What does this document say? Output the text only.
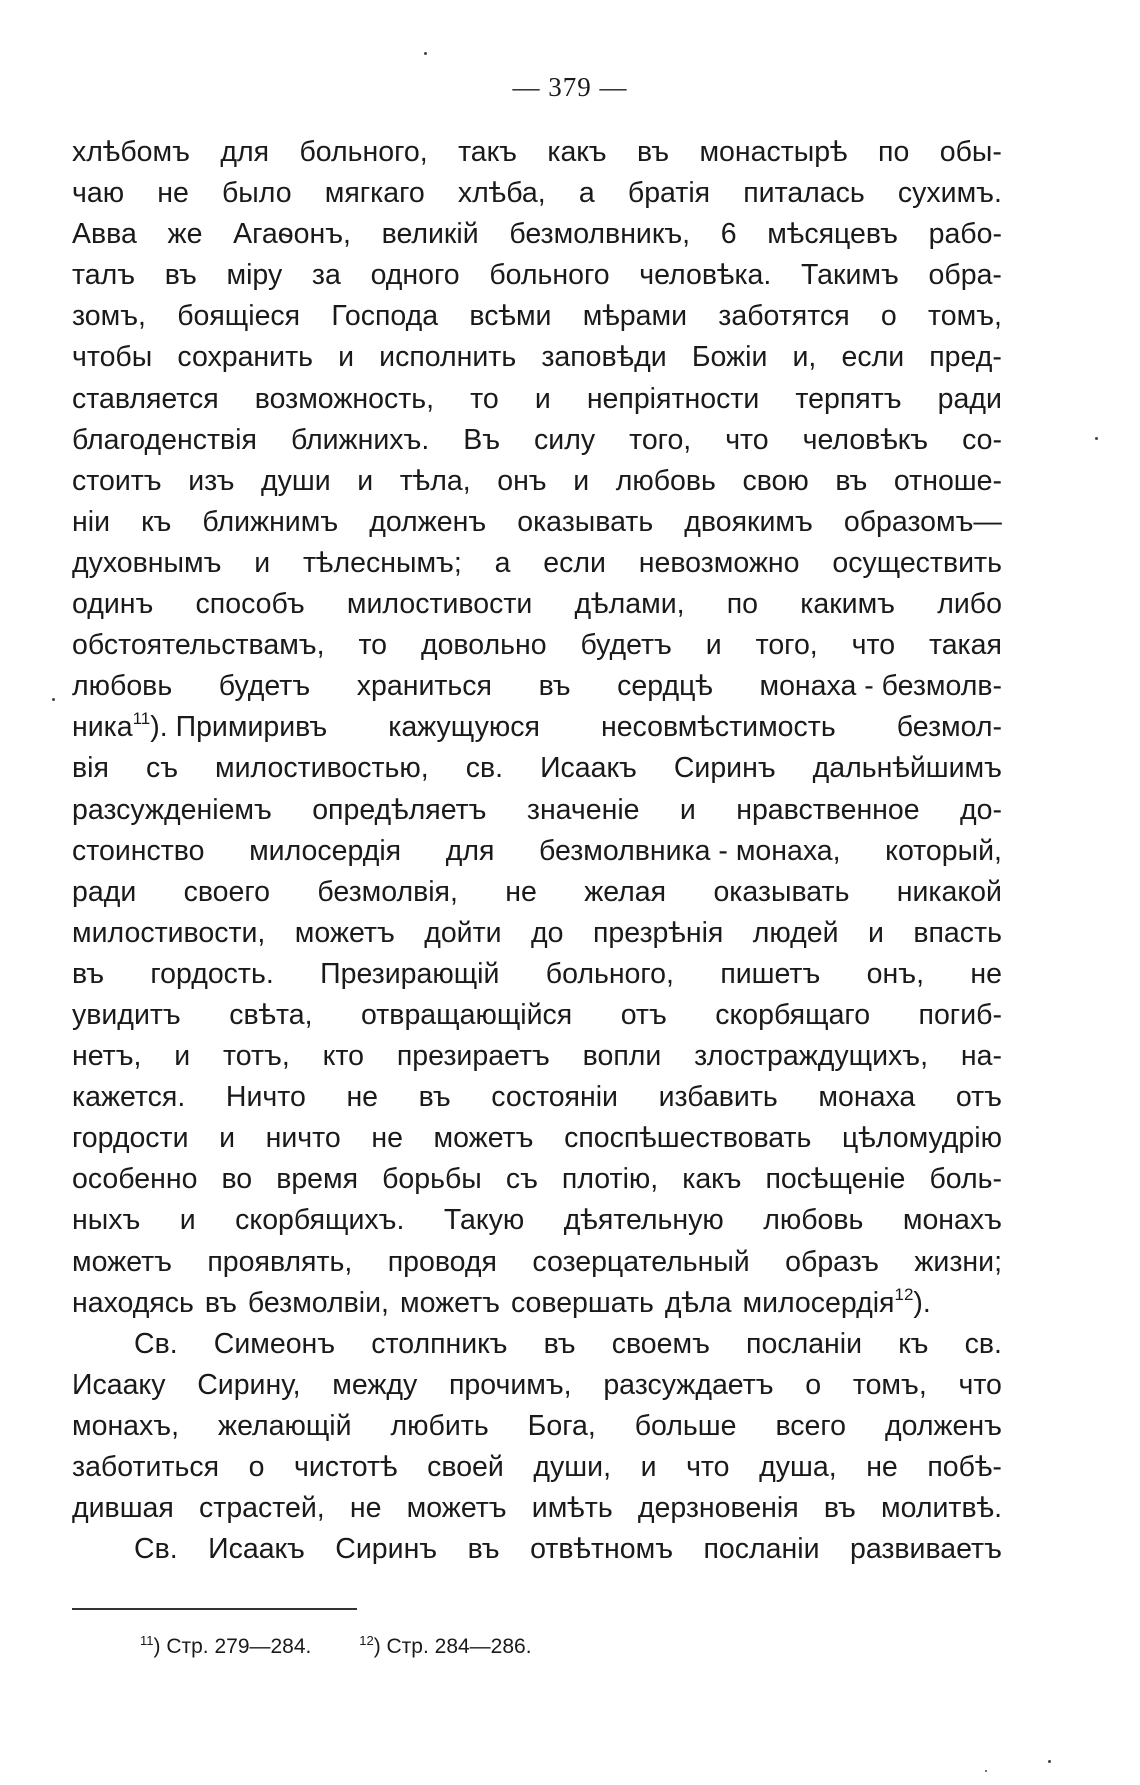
— 379 —
хлѣбомъ для больного, такъ какъ въ монастырѣ по обы-
чаю не было мягкаго хлѣба, а братія питалась сухимъ.
Авва же Агаѳонъ, великій безмолвникъ, 6 мѣсяцевъ рабо-
талъ въ міру за одного больного человѣка. Такимъ обра-
зомъ, боящіеся Господа всѣми мѣрами заботятся о томъ,
чтобы сохранить и исполнить заповѣди Божіи и, если пред-
ставляется возможность, то и непріятности терпятъ ради
благоденствія ближнихъ. Въ силу того, что человѣкъ со-
стоитъ изъ души и тѣла, онъ и любовь свою въ отноше-
ніи къ ближнимъ долженъ оказывать двоякимъ образомъ—
духовнымъ и тѣлеснымъ; а если невозможно осуществить
одинъ способъ милостивости дѣлами, по какимъ либо
обстоятельствамъ, то довольно будетъ и того, что такая
любовь будетъ храниться въ сердцѣ монаха - безмолв-
ника$^{11}$). Примиривъ кажущуюся несовмѣстимость безмол-
вія съ милостивостью, св. Исаакъ Сиринъ дальнѣйшимъ
разсужденіемъ опредѣляетъ значеніе и нравственное до-
стоинство милосердія для безмолвника - монаха, который,
ради своего безмолвія, не желая оказывать никакой
милостивости, можетъ дойти до презрѣнія людей и впасть
въ гордость. Презирающій больного, пишетъ онъ, не
увидитъ свѣта, отвращающійся отъ скорбящаго погиб-
нетъ, и тотъ, кто презираетъ вопли злостраждущихъ, на-
кажется. Ничто не въ состояніи избавить монаха отъ
гордости и ничто не можетъ споспѣшествовать цѣломудрію
особенно во время борьбы съ плотію, какъ посѣщеніе боль-
ныхъ и скорбящихъ. Такую дѣятельную любовь монахъ
можетъ проявлять, проводя созерцательный образъ жизни;
находясь въ безмолвіи, можетъ совершать дѣла милосердія$^{12}$).
Св. Симеонъ столпникъ въ своемъ посланіи къ св.
Исааку Сирину, между прочимъ, разсуждаетъ о томъ, что
монахъ, желающій любить Бога, больше всего долженъ
заботиться о чистотѣ своей души, и что душа, не побѣ-
дившая страстей, не можетъ имѣть дерзновенія въ молитвѣ.
Св. Исаакъ Сиринъ въ отвѣтномъ посланіи развиваетъ
$^{11}$) Стр. 279—284.	$^{12}$) Стр. 284—286.
